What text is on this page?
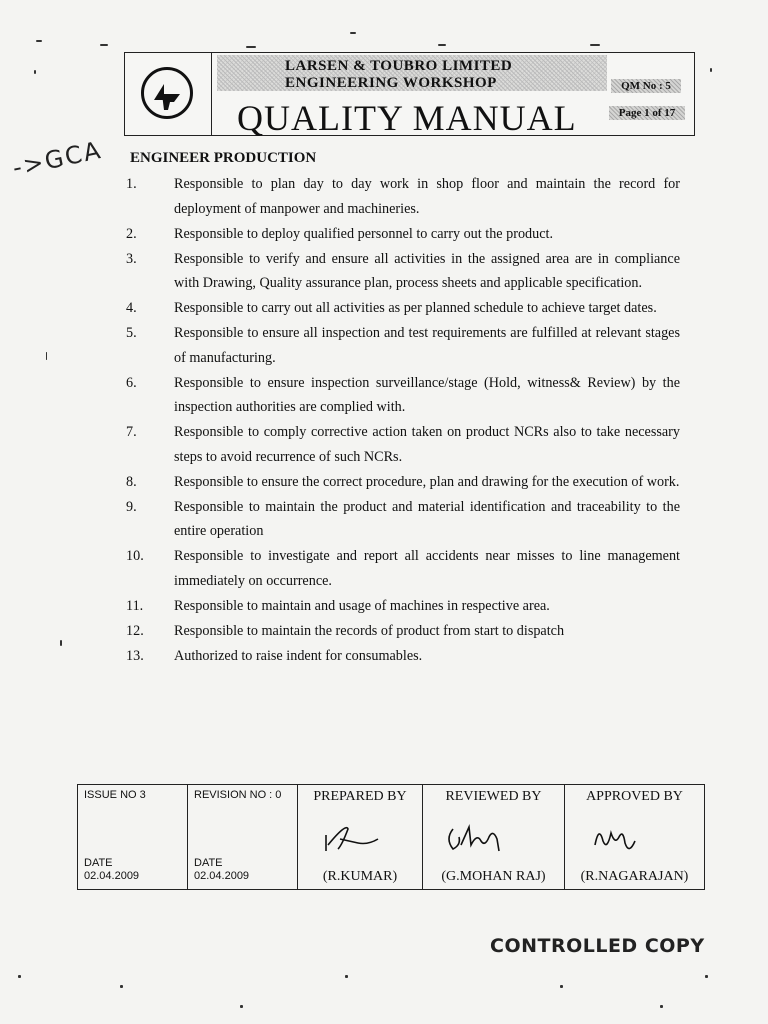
LARSEN & TOUBRO LIMITED
ENGINEERING WORKSHOP
QUALITY MANUAL
QM No : 5
Page 1 of 17
->GCA ENGINEER PRODUCTION
1.	Responsible to plan day to day work in shop floor and maintain the record for deployment of manpower and machineries.
2.	Responsible to deploy qualified personnel to carry out the product.
3.	Responsible to verify and ensure all activities in the assigned area are in compliance with Drawing, Quality assurance plan, process sheets and applicable specification.
4.	Responsible to carry out all activities as per planned schedule to achieve target dates.
5.	Responsible to ensure all inspection and test requirements are fulfilled at relevant stages of manufacturing.
6.	Responsible to ensure inspection surveillance/stage (Hold, witness& Review) by the inspection authorities are complied with.
7.	Responsible to comply corrective action taken on product NCRs also to take necessary steps to avoid recurrence of such NCRs.
8.	Responsible to ensure the correct procedure, plan and drawing for the execution of work.
9.	Responsible to maintain the product and material identification and traceability to the entire operation
10.	Responsible to investigate and report all accidents near misses to line management immediately on occurrence.
11.	Responsible to maintain and usage of machines in respective area.
12.	Responsible to maintain the records of product from start to dispatch
13.	Authorized to raise indent for consumables.
ISSUE NO 3
DATE
02.04.2009

REVISION NO : 0
DATE
02.04.2009

PREPARED BY
(R.KUMAR)

REVIEWED BY
(G.MOHAN RAJ)

APPROVED BY
(R.NAGARAJAN)
CONTROLLED COPY
